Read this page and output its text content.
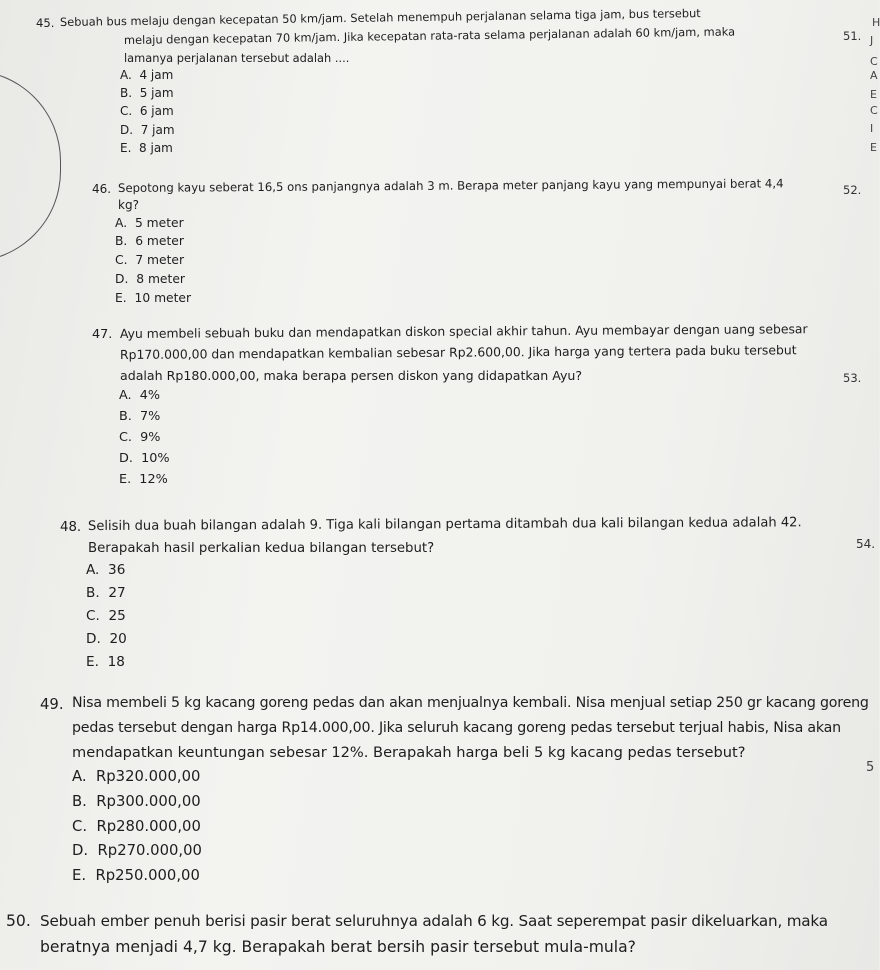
45. Sebuah bus melaju dengan kecepatan 50 km/jam. Setelah menempuh perjalanan selama tiga jam, bus tersebut
melaju dengan kecepatan 70 km/jam. Jika kecepatan rata-rata selama perjalanan adalah 60 km/jam, maka
lamanya perjalanan tersebut adalah ....
A. 4 jam
B. 5 jam
C. 6 jam
D. 7 jam
E. 8 jam
46. Sepotong kayu seberat 16,5 ons panjangnya adalah 3 m. Berapa meter panjang kayu yang mempunyai berat 4,4
kg?
A. 5 meter
B. 6 meter
C. 7 meter
D. 8 meter
E. 10 meter
47. Ayu membeli sebuah buku dan mendapatkan diskon special akhir tahun. Ayu membayar dengan uang sebesar
Rp170.000,00 dan mendapatkan kembalian sebesar Rp2.600,00. Jika harga yang tertera pada buku tersebut
adalah Rp180.000,00, maka berapa persen diskon yang didapatkan Ayu?
A. 4%
B. 7%
C. 9%
D. 10%
E. 12%
48. Selisih dua buah bilangan adalah 9. Tiga kali bilangan pertama ditambah dua kali bilangan kedua adalah 42.
Berapakah hasil perkalian kedua bilangan tersebut?
A. 36
B. 27
C. 25
D. 20
E. 18
49. Nisa membeli 5 kg kacang goreng pedas dan akan menjualnya kembali. Nisa menjual setiap 250 gr kacang goreng
pedas tersebut dengan harga Rp14.000,00. Jika seluruh kacang goreng pedas tersebut terjual habis, Nisa akan
mendapatkan keuntungan sebesar 12%. Berapakah harga beli 5 kg kacang pedas tersebut?
A. Rp320.000,00
B. Rp300.000,00
C. Rp280.000,00
D. Rp270.000,00
E. Rp250.000,00
50. Sebuah ember penuh berisi pasir berat seluruhnya adalah 6 kg. Saat seperempat pasir dikeluarkan, maka
beratnya menjadi 4,7 kg. Berapakah berat bersih pasir tersebut mula-mula?
51.
52.
53.
54.
H
J
C
A
E
C
I
E
5
